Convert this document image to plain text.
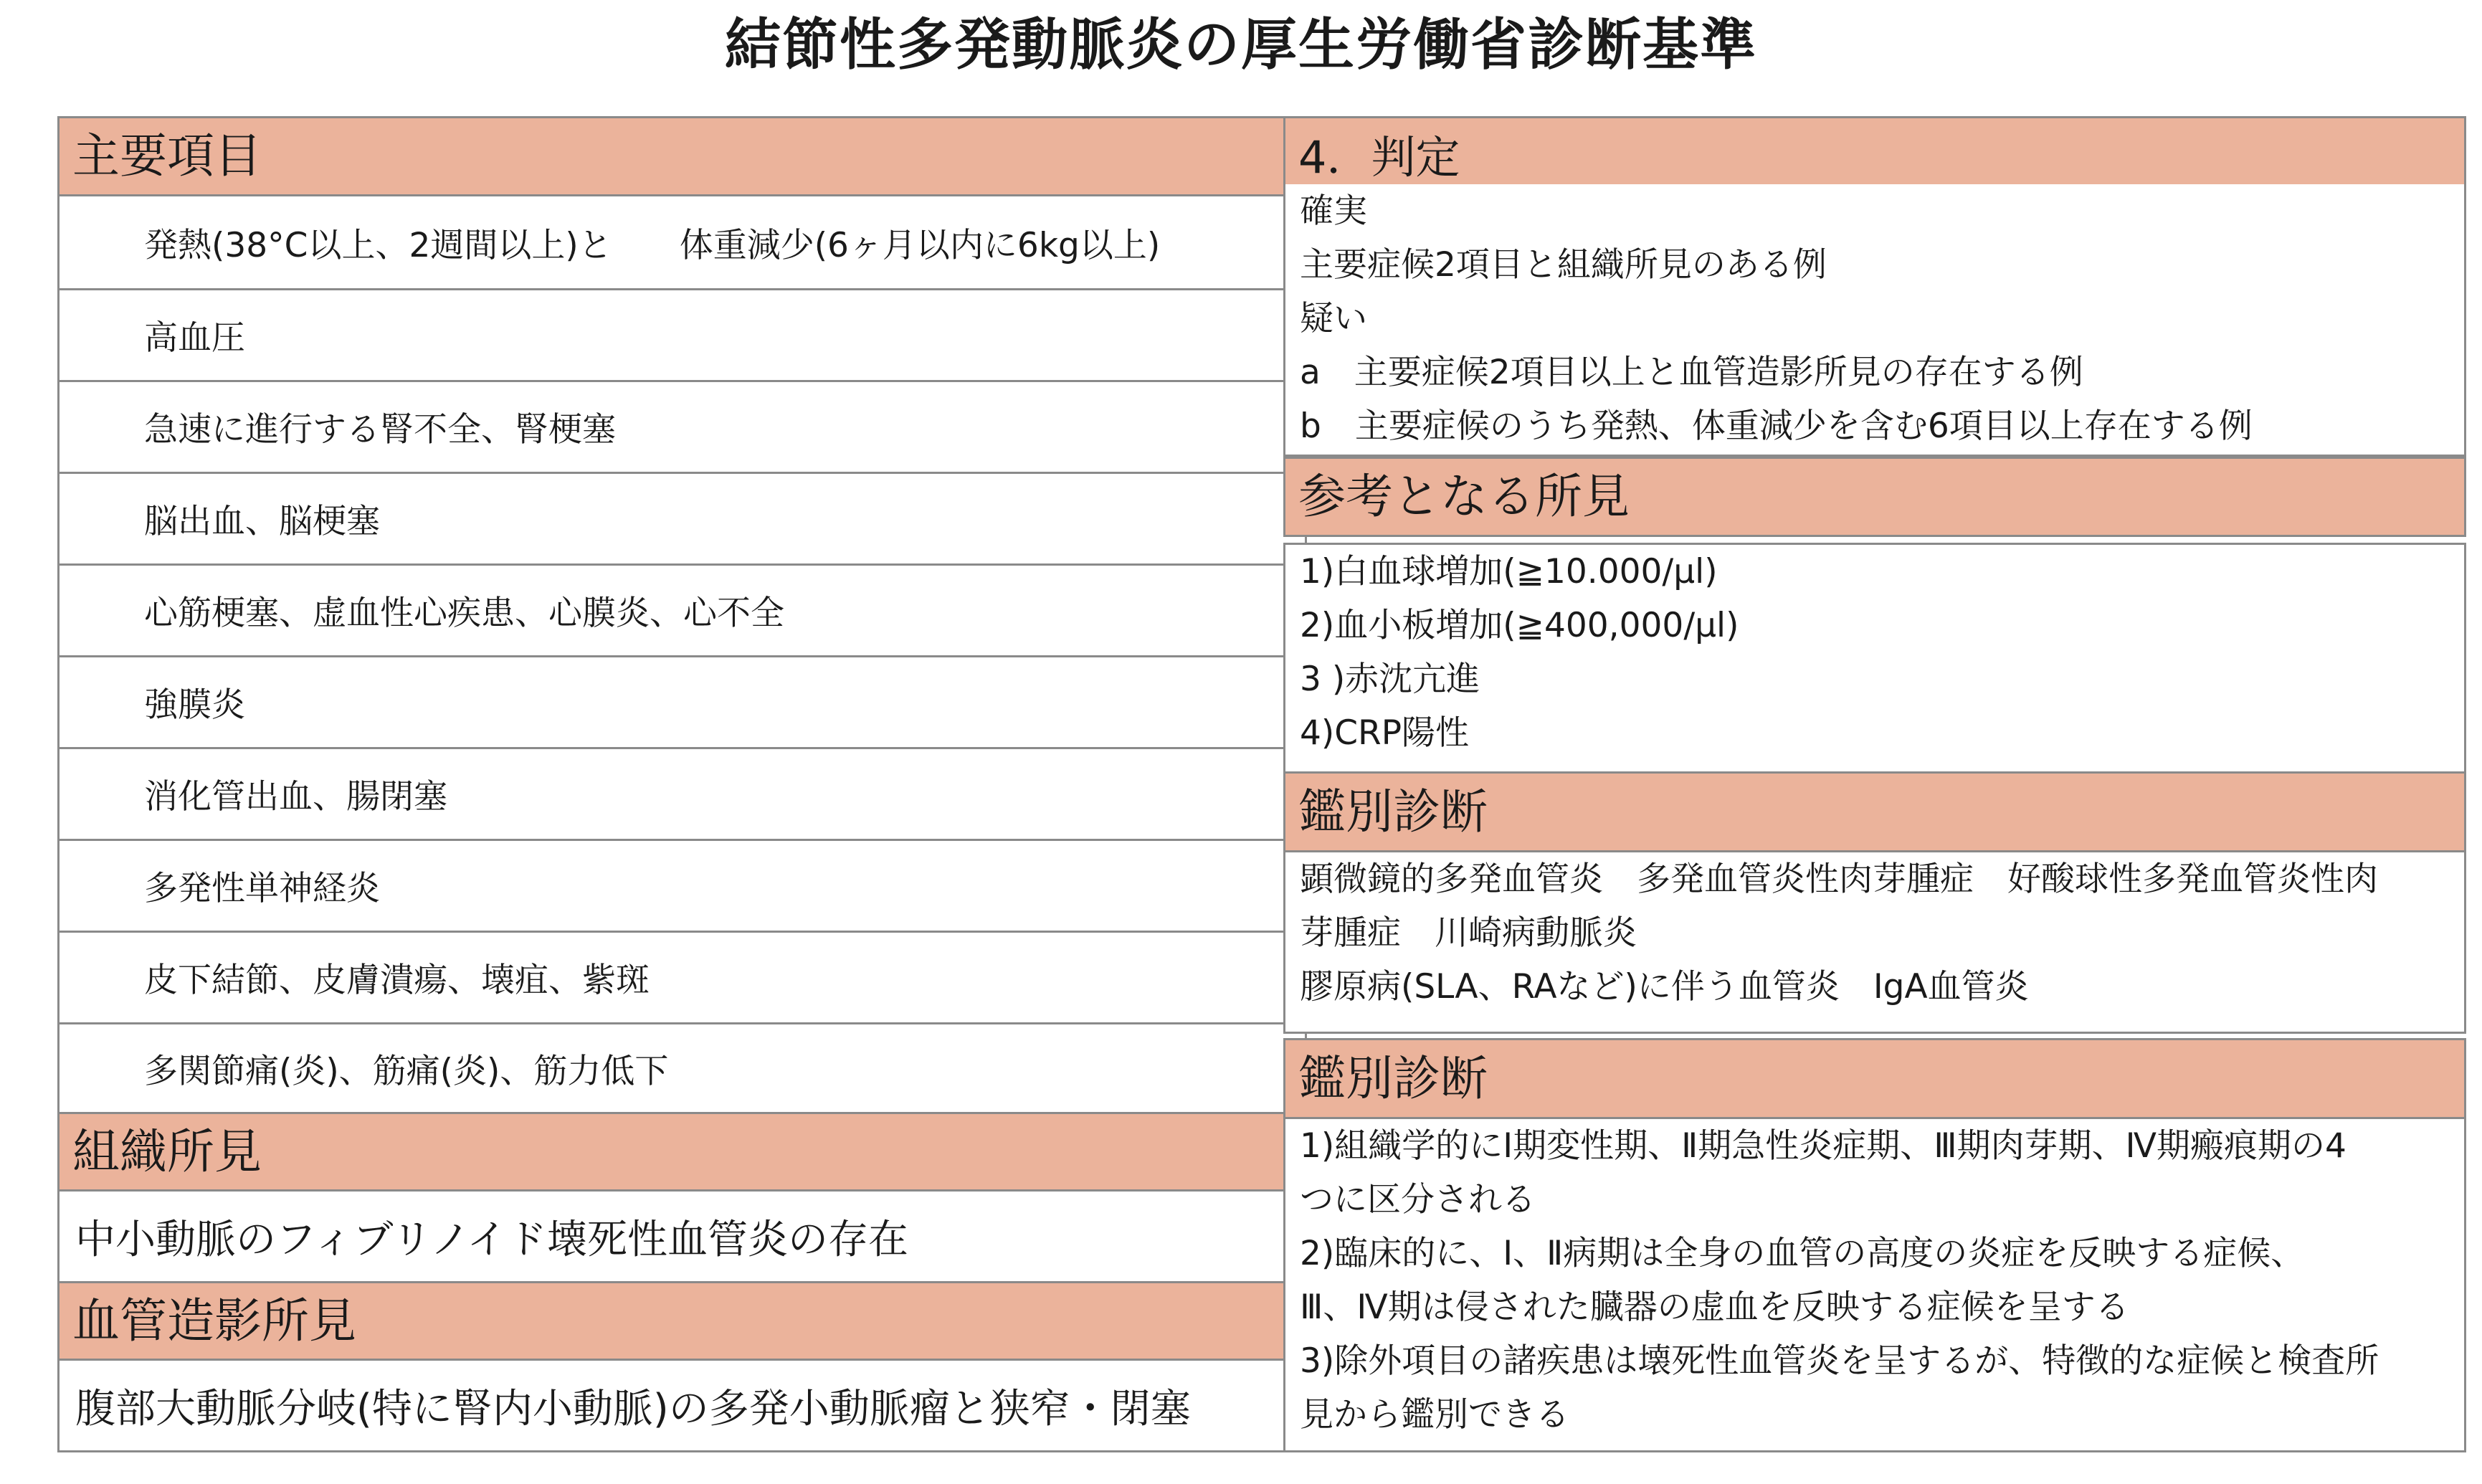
結節性多発動脈炎の厚生労働省診断基準
主要項目
発熱(38°C以上、2週間以上)と　　体重減少(6ヶ月以内に6kg以上)
高血圧
急速に進行する腎不全、腎梗塞
脳出血、脳梗塞
心筋梗塞、虚血性心疾患、心膜炎、心不全
強膜炎
消化管出血、腸閉塞
多発性単神経炎
皮下結節、皮膚潰瘍、壊疽、紫斑
多関節痛(炎)、筋痛(炎)、筋力低下
組織所見
中小動脈のフィブリノイド壊死性血管炎の存在
血管造影所見
腹部大動脈分岐(特に腎内小動脈)の多発小動脈瘤と狭窄・閉塞
4．判定
確実
主要症候2項目と組織所見のある例
疑い
a　主要症候2項目以上と血管造影所見の存在する例
b　主要症候のうち発熱、体重減少を含む6項目以上存在する例
参考となる所見
1)白血球増加(≧10.000/μl)
2)血小板増加(≧400,000/μl)
3 )赤沈亢進
4)CRP陽性
鑑別診断
顕微鏡的多発血管炎　多発血管炎性肉芽腫症　好酸球性多発血管炎性肉
芽腫症　川崎病動脈炎
膠原病(SLA、RAなど)に伴う血管炎　IgA血管炎
鑑別診断
1)組織学的にⅠ期変性期、Ⅱ期急性炎症期、Ⅲ期肉芽期、Ⅳ期瘢痕期の4
つに区分される
2)臨床的に、Ⅰ、Ⅱ病期は全身の血管の高度の炎症を反映する症候、
Ⅲ、Ⅳ期は侵された臓器の虚血を反映する症候を呈する
3)除外項目の諸疾患は壊死性血管炎を呈するが、特徴的な症候と検査所
見から鑑別できる
